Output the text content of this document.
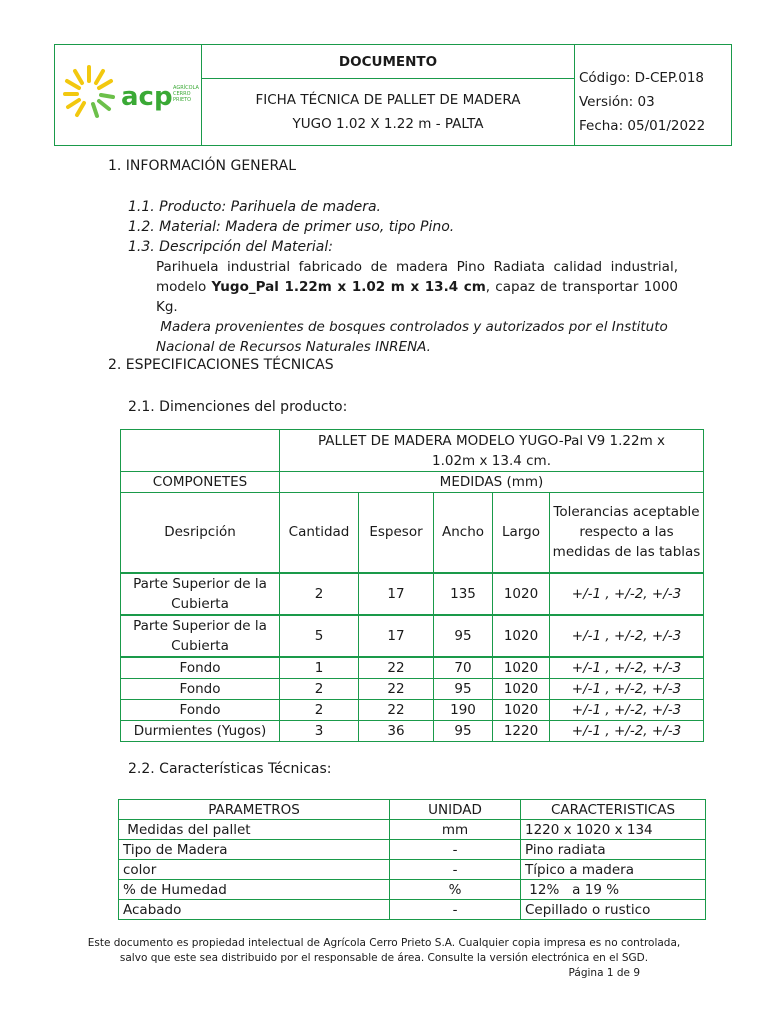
acp AGRÍCOLA
CERRO
PRIETO
	DOCUMENTO	
Código: D-CEP.018
Versión: 03
Fecha: 05/01/2022

FICHA TÉCNICA DE PALLET DE MADERA
YUGO 1.02 X 1.22 m - PALTA
1. INFORMACIÓN GENERAL
1.1. Producto: Parihuela de madera.
1.2. Material: Madera de primer uso, tipo Pino.
1.3. Descripción del Material:
Parihuela industrial fabricado de madera Pino Radiata calidad industrial,
modelo Yugo_Pal 1.22m x 1.02 m x 13.4 cm, capaz de transportar 1000 Kg.
Madera provenientes de bosques controlados y autorizados por el Instituto
Nacional de Recursos Naturales INRENA.
2. ESPECIFICACIONES TÉCNICAS
2.1. Dimenciones del producto:

	PALLET DE MADERA MODELO YUGO-Pal V9 1.22m x
1.02m x 13.4 cm.				

COMPONETES	MEDIDAS (mm)				
Desripción	Cantidad	Espesor	Ancho	Largo	Tolerancias aceptable respecto a las medidas de las tablas
Parte Superior de la Cubierta	2	17	135	1020	+/-1 , +/-2, +/-3
Parte Superior de la Cubierta	5	17	95	1020	+/-1 , +/-2, +/-3
Fondo	1	22	70	1020	+/-1 , +/-2, +/-3
Fondo	2	22	95	1020	+/-1 , +/-2, +/-3
Fondo	2	22	190	1020	+/-1 , +/-2, +/-3
Durmientes (Yugos)	3	36	95	1220	+/-1 , +/-2, +/-3
2.2. Características Técnicas:
PARAMETROS	UNIDAD	CARACTERISTICAS
Medidas del pallet	mm	1220 x 1020 x 134
Tipo de Madera	-	Pino radiata
color	-	Típico a madera
% de Humedad	%	12%   a 19 %
Acabado	-	Cepillado o rustico
Este documento es propiedad intelectual de Agrícola Cerro Prieto S.A. Cualquier copia impresa es no controlada,
salvo que este sea distribuido por el responsable de área. Consulte la versión electrónica en el SGD.
Página 1 de 9
